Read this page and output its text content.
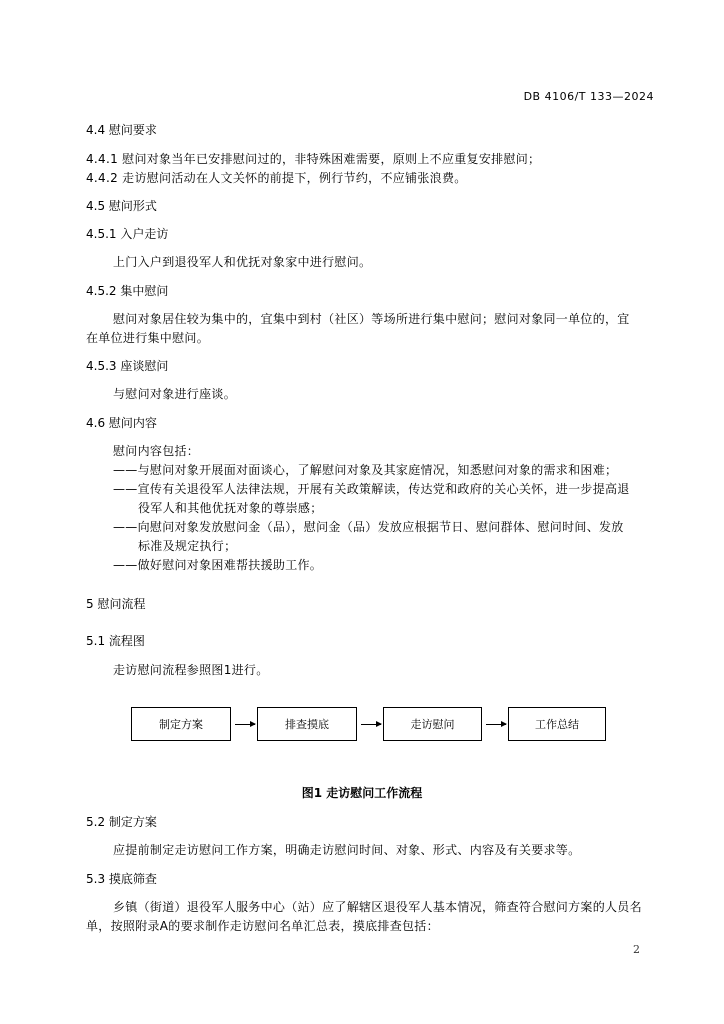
DB 4106/T 133—2024
4.4 慰问要求
4.4.1 慰问对象当年已安排慰问过的，非特殊困难需要，原则上不应重复安排慰问；
4.4.2 走访慰问活动在人文关怀的前提下，例行节约，不应铺张浪费。
4.5 慰问形式
4.5.1 入户走访
上门入户到退役军人和优抚对象家中进行慰问。
4.5.2 集中慰问
慰问对象居住较为集中的，宜集中到村（社区）等场所进行集中慰问；慰问对象同一单位的，宜
在单位进行集中慰问。
4.5.3 座谈慰问
与慰问对象进行座谈。
4.6 慰问内容
慰问内容包括：
——与慰问对象开展面对面谈心，了解慰问对象及其家庭情况，知悉慰问对象的需求和困难；
——宣传有关退役军人法律法规，开展有关政策解读，传达党和政府的关心关怀，进一步提高退
役军人和其他优抚对象的尊崇感；
——向慰问对象发放慰问金（品），慰问金（品）发放应根据节日、慰问群体、慰问时间、发放
标准及规定执行；
——做好慰问对象困难帮扶援助工作。
5 慰问流程
5.1 流程图
走访慰问流程参照图1进行。
制定方案	排查摸底	走访慰问	工作总结
图1 走访慰问工作流程
5.2 制定方案
应提前制定走访慰问工作方案，明确走访慰问时间、对象、形式、内容及有关要求等。
5.3 摸底筛查
乡镇（街道）退役军人服务中心（站）应了解辖区退役军人基本情况，筛查符合慰问方案的人员名
单，按照附录A的要求制作走访慰问名单汇总表，摸底排查包括：
2
